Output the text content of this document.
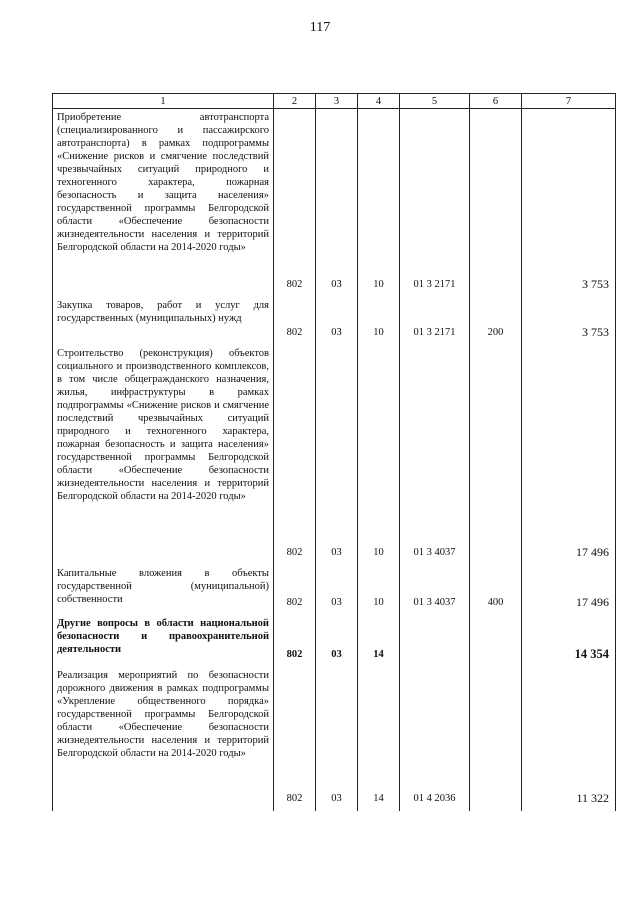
117
1	2	3	4	5	6	7
Приобретение автотранспорта (специализированного и пассажирского автотранспорта) в рамках подпрограммы «Снижение рисков и смягчение последствий чрезвычайных ситуаций природного и техногенного характера, пожарная безопасность и защита населения» государственной программы Белгородской области «Обеспечение безопасности жизнедеятельности населения и территорий Белгородской области на 2014-2020 годы»	802	03	10	01 3 2171		3 753
Закупка товаров, работ и услуг для государственных (муниципальных) нужд	802	03	10	01 3 2171	200	3 753
Строительство (реконструкция) объектов социального и производственного комплексов, в том числе общегражданского назначения, жилья, инфраструктуры в рамках подпрограммы «Снижение рисков и смягчение последствий чрезвычайных ситуаций природного и техногенного характера, пожарная безопасность и защита населения» государственной программы Белгородской области «Обеспечение безопасности жизнедеятельности населения и территорий Белгородской области на 2014-2020 годы»	802	03	10	01 3 4037		17 496
Капитальные вложения в объекты государственной (муниципальной) собственности	802	03	10	01 3 4037	400	17 496
Другие вопросы в области национальной безопасности и правоохранительной деятельности	802	03	14			14 354
Реализация мероприятий по безопасности дорожного движения в рамках подпрограммы «Укрепление общественного порядка» государственной программы Белгородской области «Обеспечение безопасности жизнедеятельности населения и территорий Белгородской области на 2014-2020 годы»	802	03	14	01 4 2036		11 322
